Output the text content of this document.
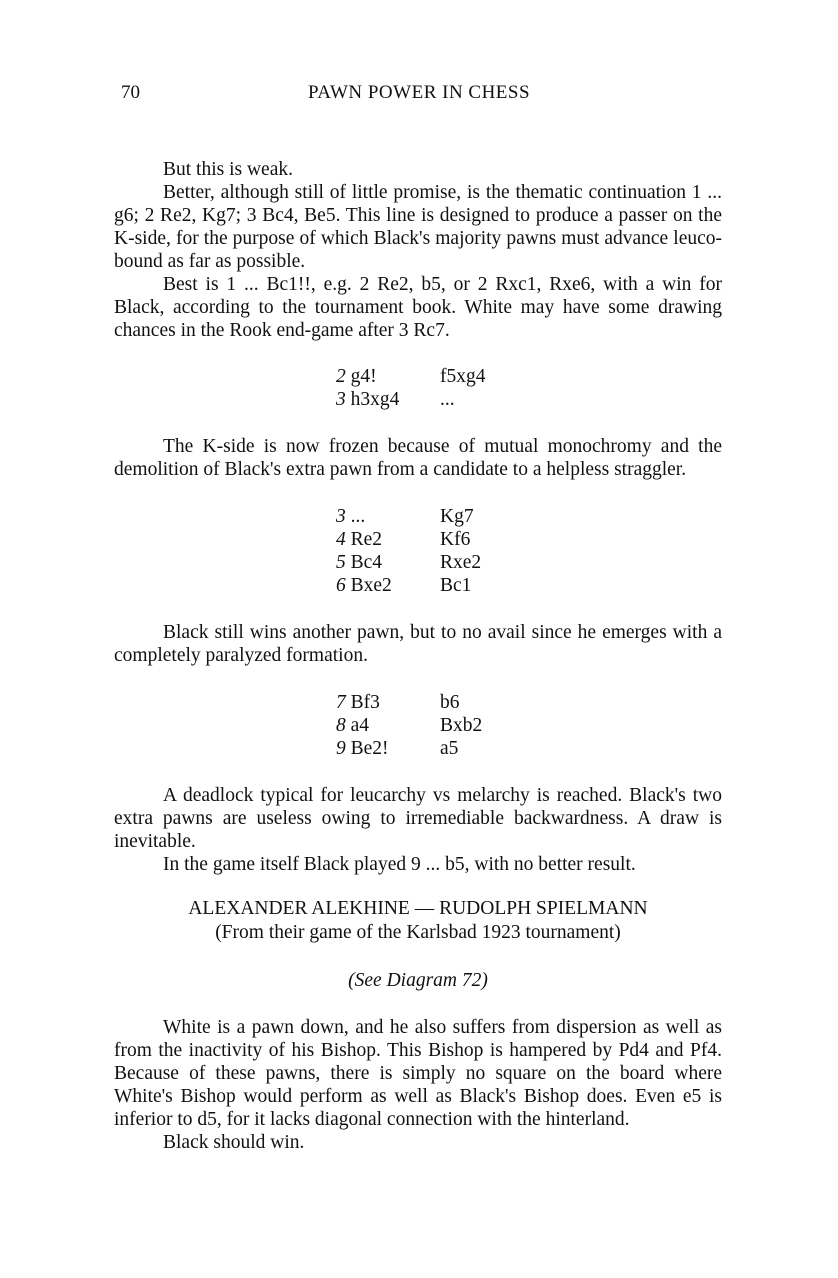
70	PAWN POWER IN CHESS

But this is weak.

Better, although still of little promise, is the thematic continuation 1 ... g6; 2 Re2, Kg7; 3 Bc4, Be5. This line is designed to produce a passer on the K-side, for the purpose of which Black's majority pawns must advance leuco-bound as far as possible.

Best is 1 ... Bc1!!, e.g. 2 Re2, b5, or 2 Rxc1, Rxe6, with a win for Black, according to the tournament book. White may have some drawing chances in the Rook end-game after 3 Rc7.

2 g4!	f5xg4
3 h3xg4	...

The K-side is now frozen because of mutual monochromy and the demolition of Black's extra pawn from a candidate to a helpless straggler.

3 ...	Kg7
4 Re2	Kf6
5 Bc4	Rxe2
6 Bxe2	Bc1

Black still wins another pawn, but to no avail since he emerges with a completely paralyzed formation.

7 Bf3	b6
8 a4	Bxb2
9 Be2!	a5

A deadlock typical for leucarchy vs melarchy is reached. Black's two extra pawns are useless owing to irremediable backwardness. A draw is inevitable.

In the game itself Black played 9 ... b5, with no better result.

ALEXANDER ALEKHINE — RUDOLPH SPIELMANN

(From their game of the Karlsbad 1923 tournament)

(See Diagram 72)

White is a pawn down, and he also suffers from dispersion as well as from the inactivity of his Bishop. This Bishop is hampered by Pd4 and Pf4. Because of these pawns, there is simply no square on the board where White's Bishop would perform as well as Black's Bishop does. Even e5 is inferior to d5, for it lacks diagonal connection with the hinterland.

Black should win.
